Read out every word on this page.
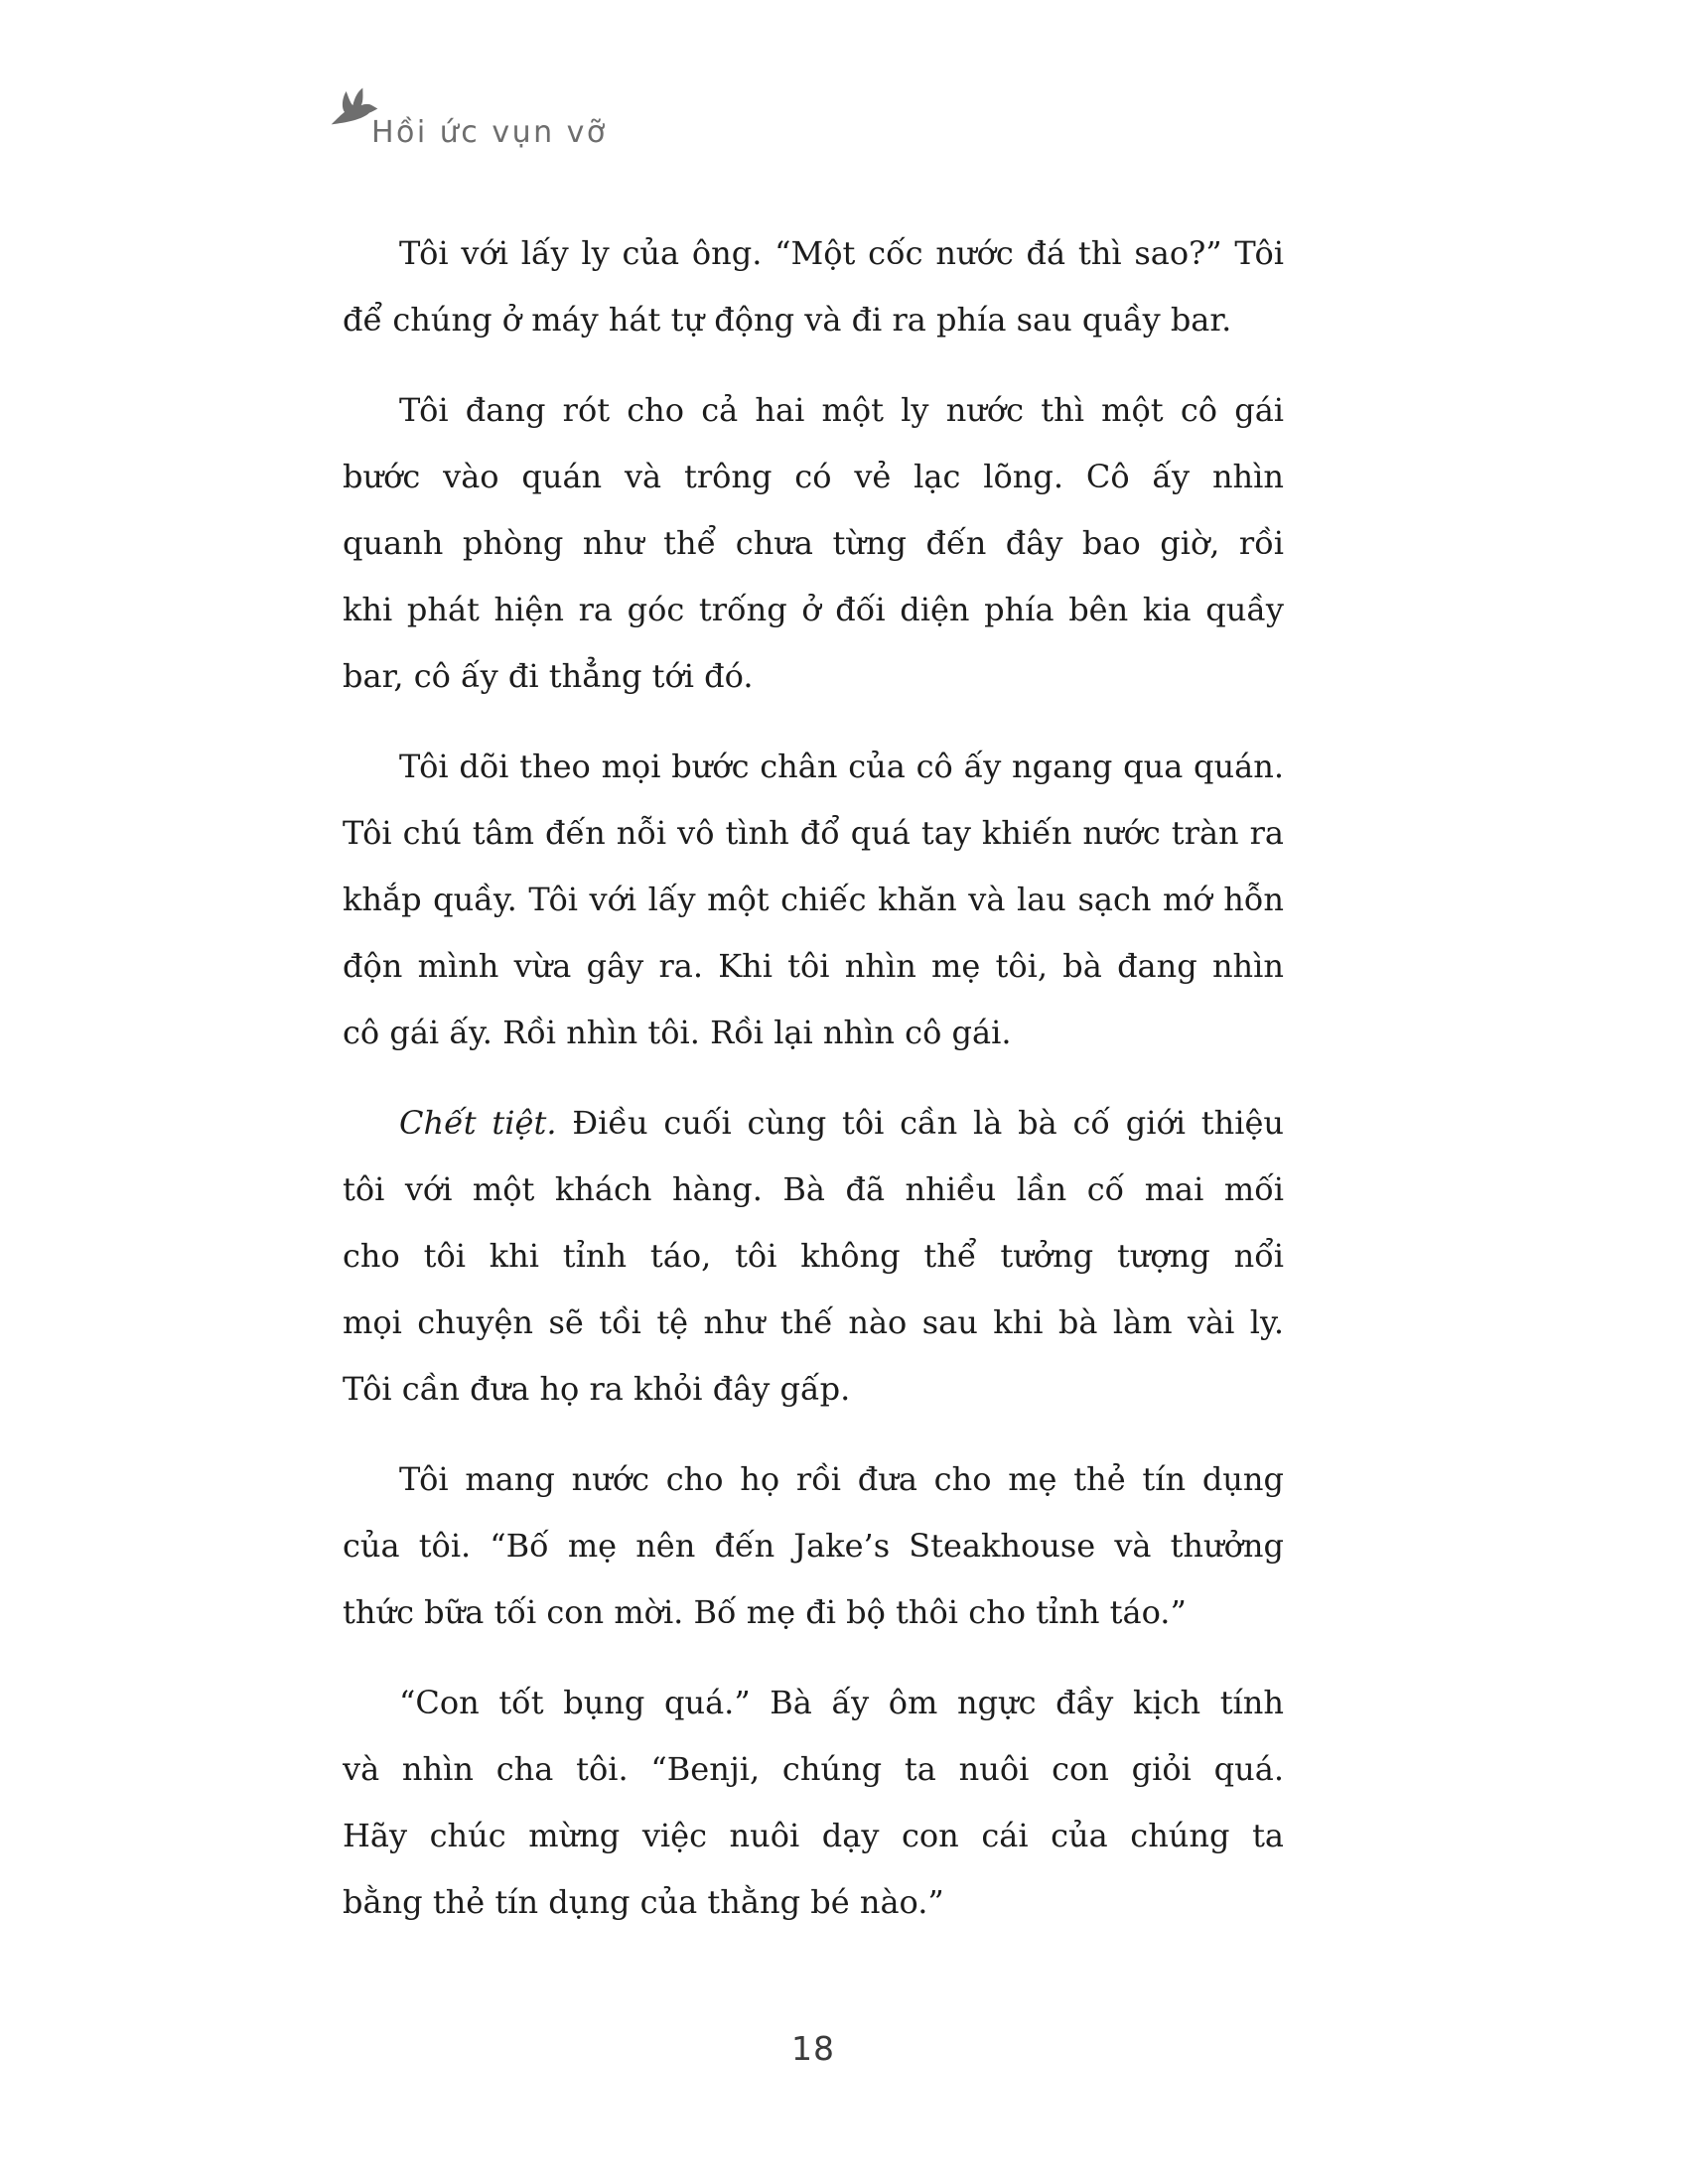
Hồi ức vụn vỡ
Tôi với lấy ly của ông. “Một cốc nước đá thì sao?” Tôi
để chúng ở máy hát tự động và đi ra phía sau quầy bar.
Tôi đang rót cho cả hai một ly nước thì một cô gái
bước vào quán và trông có vẻ lạc lõng. Cô ấy nhìn
quanh phòng như thể chưa từng đến đây bao giờ, rồi
khi phát hiện ra góc trống ở đối diện phía bên kia quầy
bar, cô ấy đi thẳng tới đó.
Tôi dõi theo mọi bước chân của cô ấy ngang qua quán.
Tôi chú tâm đến nỗi vô tình đổ quá tay khiến nước tràn ra
khắp quầy. Tôi với lấy một chiếc khăn và lau sạch mớ hỗn
độn mình vừa gây ra. Khi tôi nhìn mẹ tôi, bà đang nhìn
cô gái ấy. Rồi nhìn tôi. Rồi lại nhìn cô gái.
Chết tiệt. Điều cuối cùng tôi cần là bà cố giới thiệu
tôi với một khách hàng. Bà đã nhiều lần cố mai mối
cho tôi khi tỉnh táo, tôi không thể tưởng tượng nổi
mọi chuyện sẽ tồi tệ như thế nào sau khi bà làm vài ly.
Tôi cần đưa họ ra khỏi đây gấp.
Tôi mang nước cho họ rồi đưa cho mẹ thẻ tín dụng
của tôi. “Bố mẹ nên đến Jake’s Steakhouse và thưởng
thức bữa tối con mời. Bố mẹ đi bộ thôi cho tỉnh táo.”
“Con tốt bụng quá.” Bà ấy ôm ngực đầy kịch tính
và nhìn cha tôi. “Benji, chúng ta nuôi con giỏi quá.
Hãy chúc mừng việc nuôi dạy con cái của chúng ta
bằng thẻ tín dụng của thằng bé nào.”
18
